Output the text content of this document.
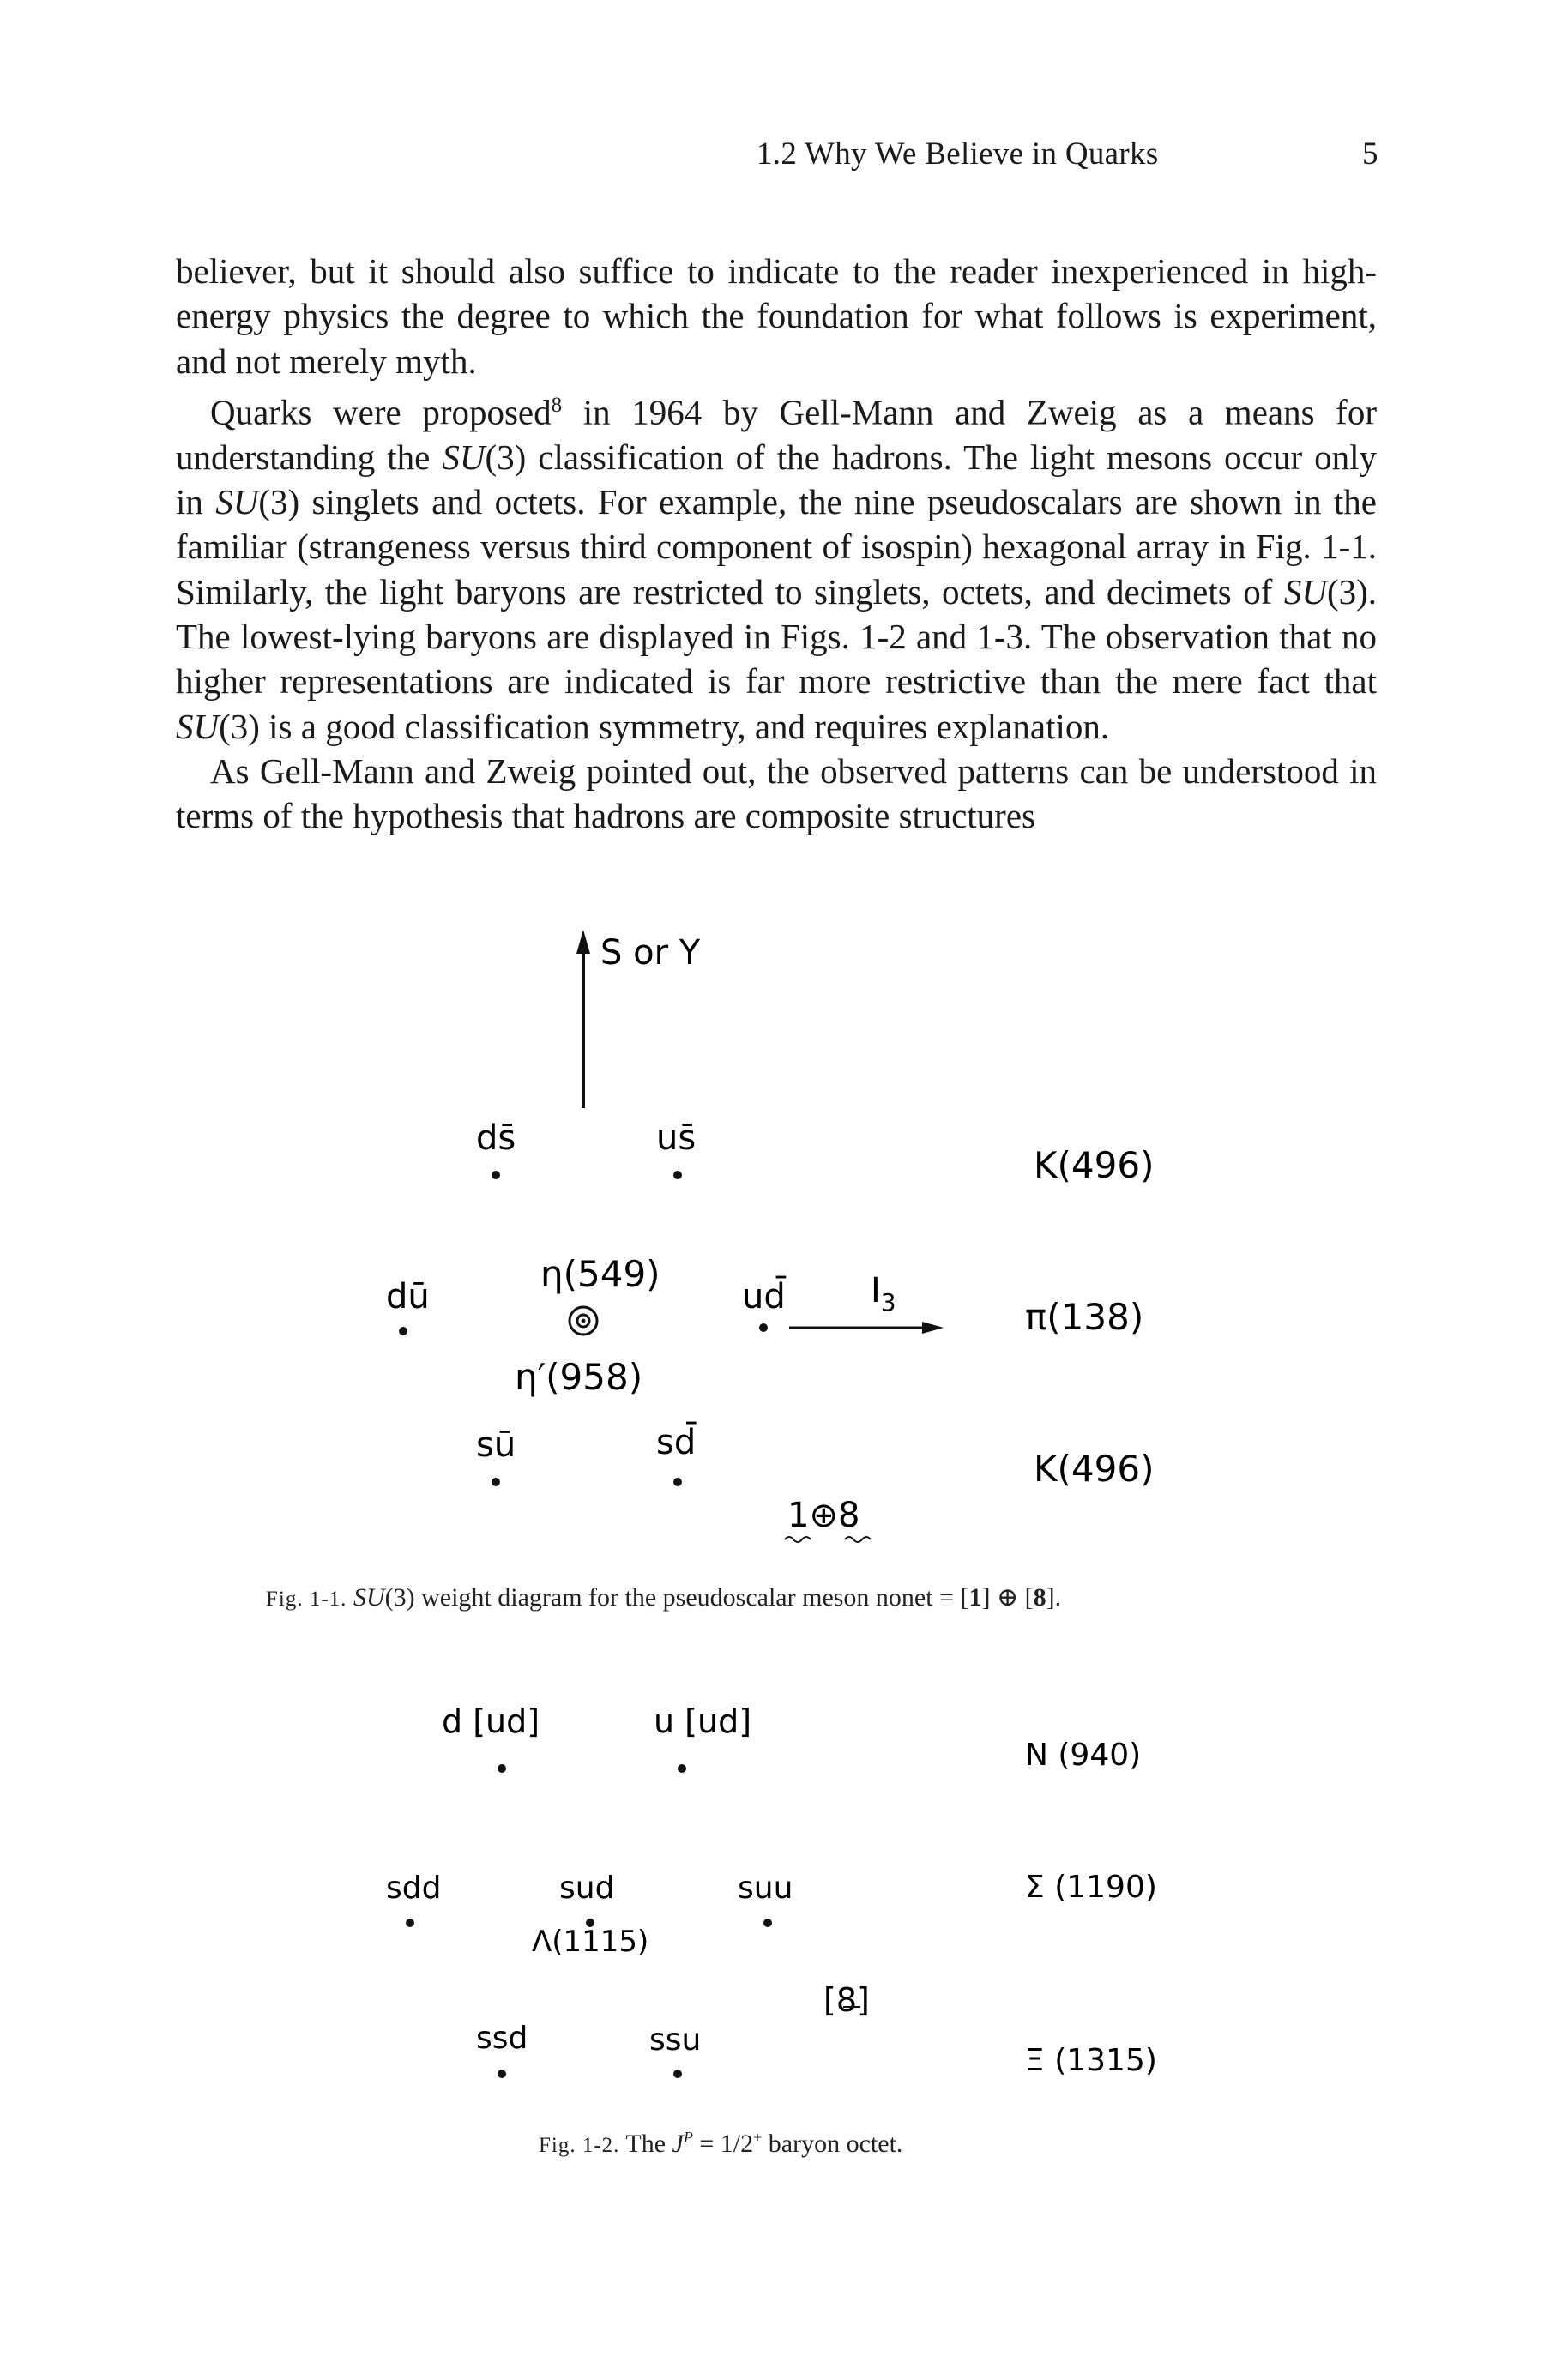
1.2 Why We Believe in Quarks	5

believer, but it should also suffice to indicate to the reader inexperienced in high-energy physics the degree to which the foundation for what follows is experiment, and not merely myth.

Quarks were proposed$^8$ in 1964 by Gell-Mann and Zweig as a means for understanding the SU(3) classification of the hadrons. The light mesons occur only in SU(3) singlets and octets. For example, the nine pseudoscalars are shown in the familiar (strangeness versus third component of isospin) hexagonal array in Fig. 1-1. Similarly, the light baryons are restricted to singlets, octets, and decimets of SU(3). The lowest-lying baryons are displayed in Figs. 1-2 and 1-3. The observation that no higher representations are indicated is far more restrictive than the mere fact that SU(3) is a good classification symmetry, and requires explanation.

As Gell-Mann and Zweig pointed out, the observed patterns can be understood in terms of the hypothesis that hadrons are composite structures

S or Y
ds̄	us̄
K(496)
dū
η(549)
η′(958)
ud̄ $I_3$	π(138)
sū	sd̄
K(496)
1⊕8
Fig. 1-1. SU(3) weight diagram for the pseudoscalar meson nonet = [1] ⊕ [8].
d [ud]	u [ud]
N (940)
sdd	sud
Λ(1115)
suu	Σ (1190)
[8]
ssd	ssu
Ξ (1315)
Fig. 1-2. The $J^P = 1/2^+$ baryon octet.
